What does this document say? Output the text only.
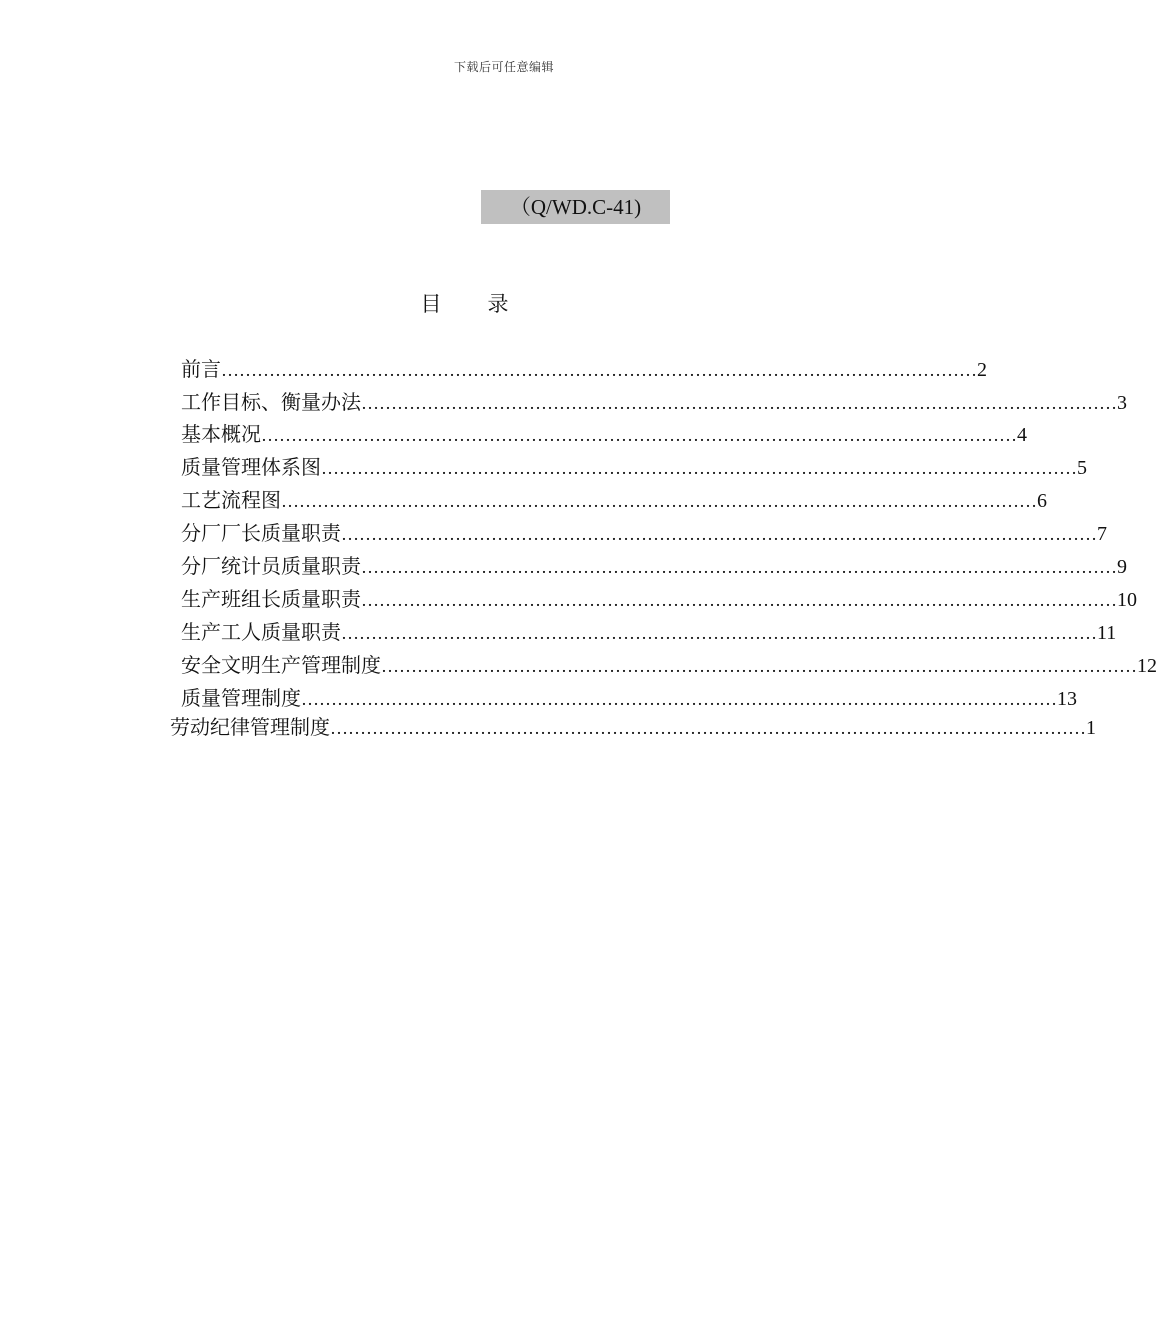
下载后可任意编辑
（Q/WD.C-41)
目录
前言 ……………………………………………………………………………………………………………… 2
工作目标、衡量办法 ……………………………………………………………………………………………………………… 3
基本概况 ……………………………………………………………………………………………………………… 4
质量管理体系图 ……………………………………………………………………………………………………………… 5
工艺流程图 ……………………………………………………………………………………………………………… 6
分厂厂长质量职责 ……………………………………………………………………………………………………………… 7
分厂统计员质量职责 ……………………………………………………………………………………………………………… 9
生产班组长质量职责 ……………………………………………………………………………………………………………… 10
生产工人质量职责 ……………………………………………………………………………………………………………… 11
安全文明生产管理制度 ……………………………………………………………………………………………………………… 12
质量管理制度 ……………………………………………………………………………………………………………… 13
劳动纪律管理制度 ……………………………………………………………………………………………………………… 1
